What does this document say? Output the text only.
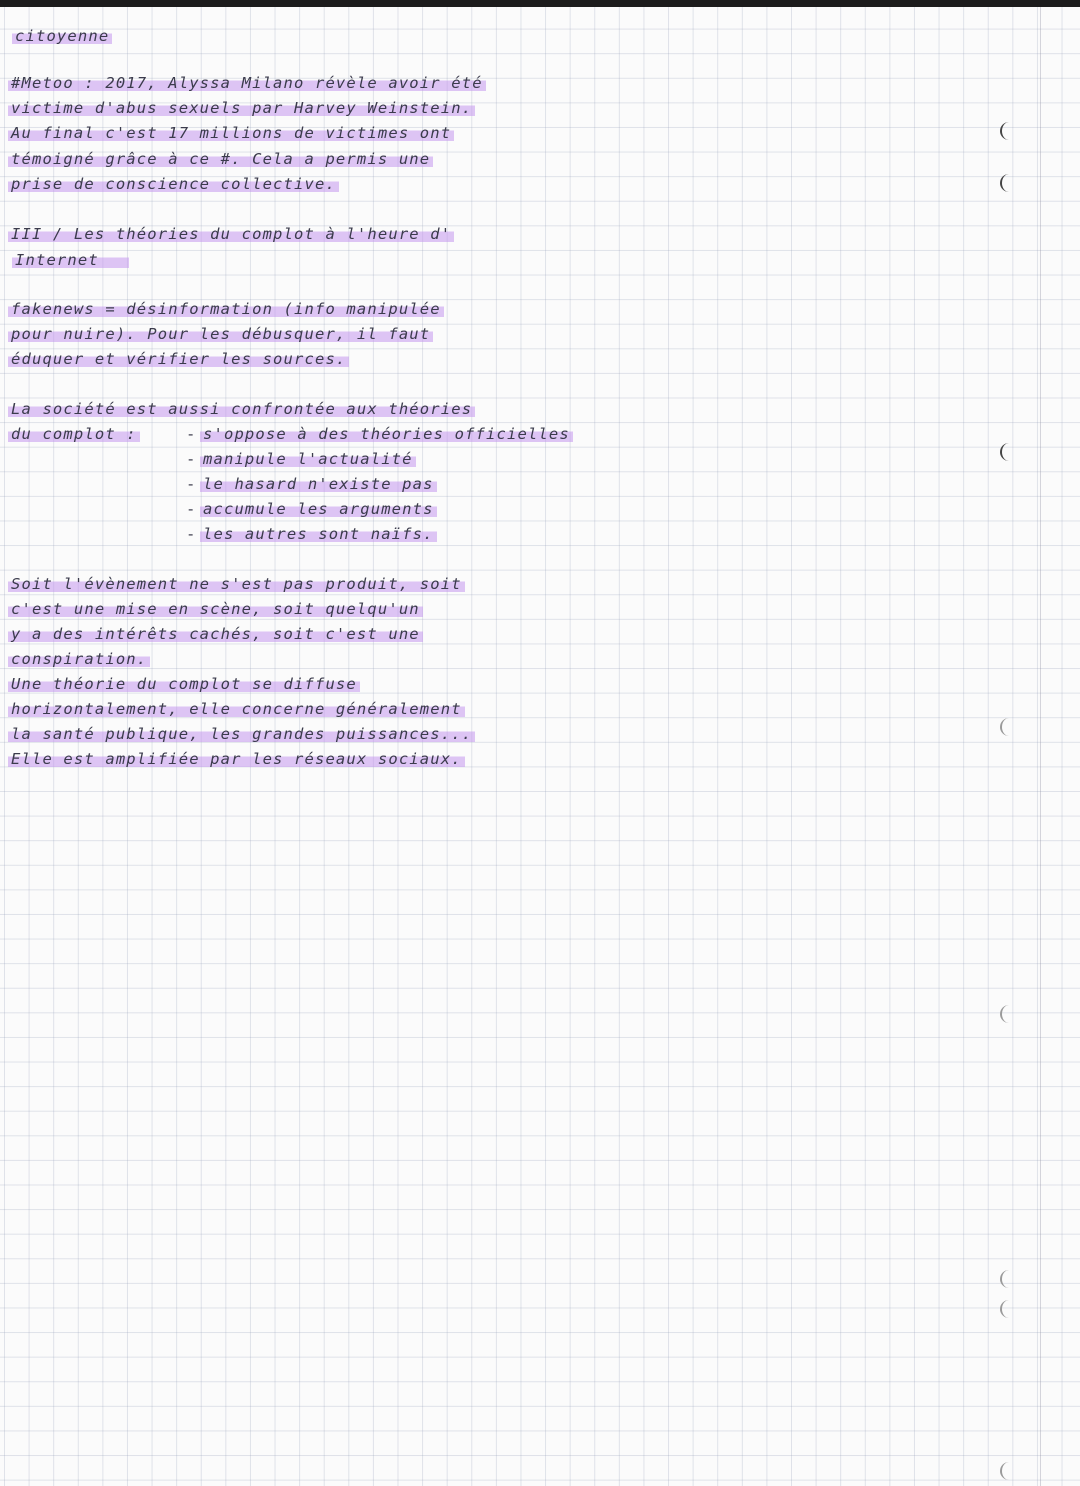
citoyenne
#Metoo : 2017, Alyssa Milano révèle avoir été
victime d'abus sexuels par Harvey Weinstein.
Au final c'est 17 millions de victimes ont
témoigné grâce à ce #. Cela a permis une
prise de conscience collective.
III / Les théories du complot à l'heure d'
Internet
fakenews = désinformation (info manipulée
pour nuire). Pour les débusquer, il faut
éduquer et vérifier les sources.
La société est aussi confrontée aux théories
du complot :	- s'oppose à des théories officielles
- manipule l'actualité
- le hasard n'existe pas
- accumule les arguments
- les autres sont naïfs.
Soit l'évènement ne s'est pas produit, soit
c'est une mise en scène, soit quelqu'un
y a des intérêts cachés, soit c'est une
conspiration.
Une théorie du complot se diffuse
horizontalement, elle concerne généralement
la santé publique, les grandes puissances...
Elle est amplifiée par les réseaux sociaux.
